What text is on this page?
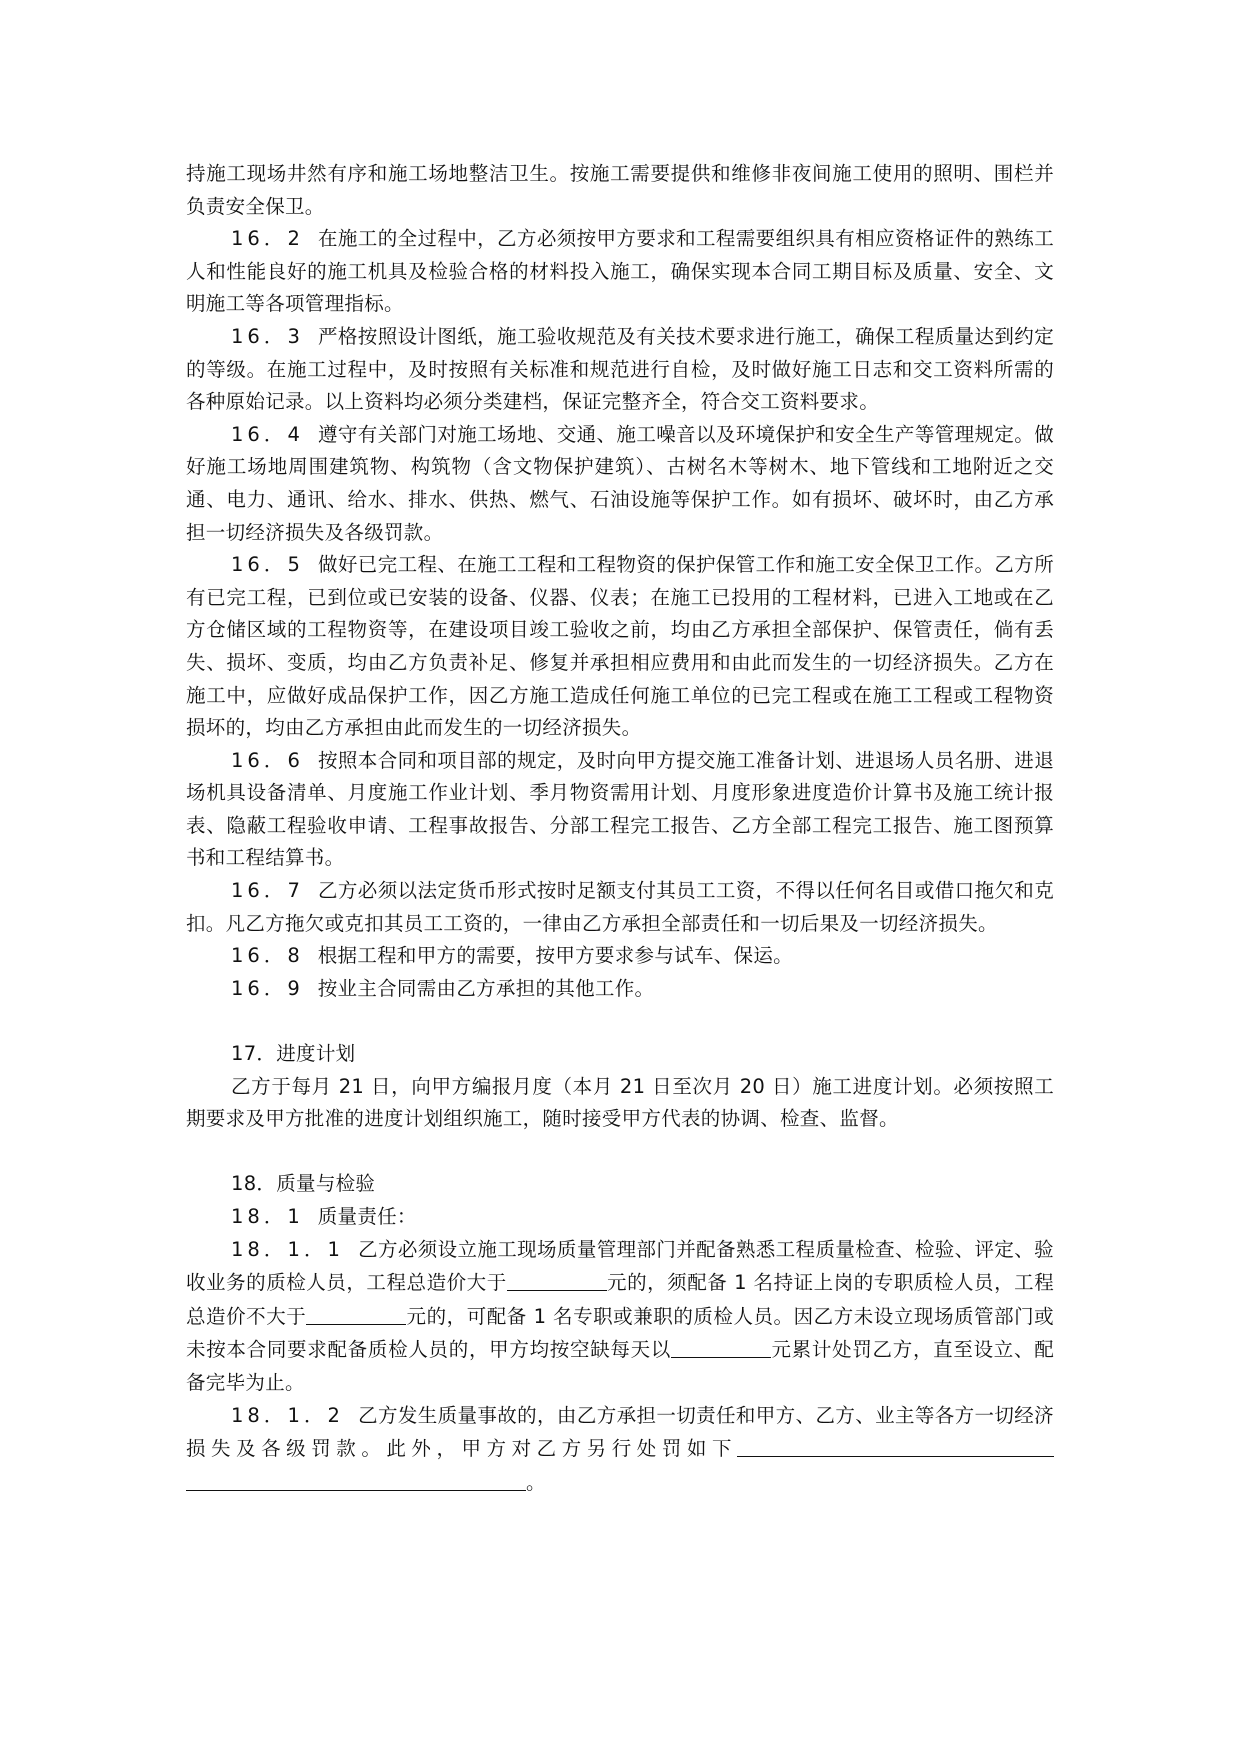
持施工现场井然有序和施工场地整洁卫生。按施工需要提供和维修非夜间施工使用的照明、围栏并负责安全保卫。

16．2 在施工的全过程中，乙方必须按甲方要求和工程需要组织具有相应资格证件的熟练工人和性能良好的施工机具及检验合格的材料投入施工，确保实现本合同工期目标及质量、安全、文明施工等各项管理指标。

16．3 严格按照设计图纸，施工验收规范及有关技术要求进行施工，确保工程质量达到约定的等级。在施工过程中，及时按照有关标准和规范进行自检，及时做好施工日志和交工资料所需的各种原始记录。以上资料均必须分类建档，保证完整齐全，符合交工资料要求。

16．4 遵守有关部门对施工场地、交通、施工噪音以及环境保护和安全生产等管理规定。做好施工场地周围建筑物、构筑物（含文物保护建筑）、古树名木等树木、地下管线和工地附近之交通、电力、通讯、给水、排水、供热、燃气、石油设施等保护工作。如有损坏、破坏时，由乙方承担一切经济损失及各级罚款。

16．5 做好已完工程、在施工工程和工程物资的保护保管工作和施工安全保卫工作。乙方所有已完工程，已到位或已安装的设备、仪器、仪表；在施工已投用的工程材料，已进入工地或在乙方仓储区域的工程物资等，在建设项目竣工验收之前，均由乙方承担全部保护、保管责任，倘有丢失、损坏、变质，均由乙方负责补足、修复并承担相应费用和由此而发生的一切经济损失。乙方在施工中，应做好成品保护工作，因乙方施工造成任何施工单位的已完工程或在施工工程或工程物资损坏的，均由乙方承担由此而发生的一切经济损失。

16．6 按照本合同和项目部的规定，及时向甲方提交施工准备计划、进退场人员名册、进退场机具设备清单、月度施工作业计划、季月物资需用计划、月度形象进度造价计算书及施工统计报表、隐蔽工程验收申请、工程事故报告、分部工程完工报告、乙方全部工程完工报告、施工图预算书和工程结算书。

16．7 乙方必须以法定货币形式按时足额支付其员工工资，不得以任何名目或借口拖欠和克扣。凡乙方拖欠或克扣其员工工资的，一律由乙方承担全部责任和一切后果及一切经济损失。

16．8 根据工程和甲方的需要，按甲方要求参与试车、保运。

16．9 按业主合同需由乙方承担的其他工作。

17．进度计划

乙方于每月 21 日，向甲方编报月度（本月 21 日至次月 20 日）施工进度计划。必须按照工期要求及甲方批准的进度计划组织施工，随时接受甲方代表的协调、检查、监督。

18．质量与检验

18．1 质量责任：

18．1．1 乙方必须设立施工现场质量管理部门并配备熟悉工程质量检查、检验、评定、验收业务的质检人员，工程总造价大于	元的，须配备 1 名持证上岗的专职质检人员，工程总造价不大于	元的，可配备 1 名专职或兼职的质检人员。因乙方未设立现场质管部门或未按本合同要求配备质检人员的，甲方均按空缺每天以	元累计处罚乙方，直至设立、配备完毕为止。

18．1．2 乙方发生质量事故的，由乙方承担一切责任和甲方、乙方、业主等各方一切经济损失及各级罚款。此外，甲方对乙方另行处罚如下。
